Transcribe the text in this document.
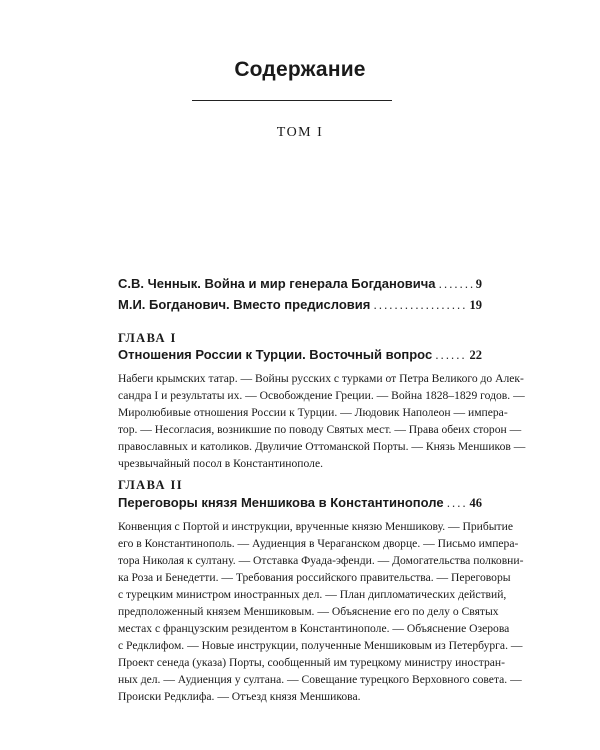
Содержание
ТОМ I
С.В. Ченнык. Война и мир генерала Богдановича .....	9
М.И. Богданович. Вместо предисловия .....	19
ГЛАВА I
Отношения России к Турции. Восточный вопрос .....	22
Набеги крымских татар. — Войны русских с турками от Петра Великого до Алек-
сандра I и результаты их. — Освобождение Греции. — Война 1828–1829 годов. —
Миролюбивые отношения России к Турции. — Людовик Наполеон — импера-
тор. — Несогласия, возникшие по поводу Святых мест. — Права обеих сторон —
православных и католиков. Двуличие Оттоманской Порты. — Князь Меншиков —
чрезвычайный посол в Константинополе.
ГЛАВА II
Переговоры князя Меншикова в Константинополе ..... 46
Конвенция с Портой и инструкции, врученные князю Меншикову. — Прибытие
его в Константинополь. — Аудиенция в Чераганском дворце. — Письмо импера-
тора Николая к султану. — Отставка Фуада-эфенди. — Домогательства полковни-
ка Роза и Бенедетти. — Требования российского правительства. — Переговоры
с турецким министром иностранных дел. — План дипломатических действий,
предположенный князем Меншиковым. — Объяснение его по делу о Святых
местах с французским резидентом в Константинополе. — Объяснение Озерова
с Редклифом. — Новые инструкции, полученные Меншиковым из Петербурга. —
Проект сенеда (указа) Порты, сообщенный им турецкому министру иностран-
ных дел. — Аудиенция у султана. — Совещание турецкого Верховного совета. —
Происки Редклифа. — Отъезд князя Меншикова.
